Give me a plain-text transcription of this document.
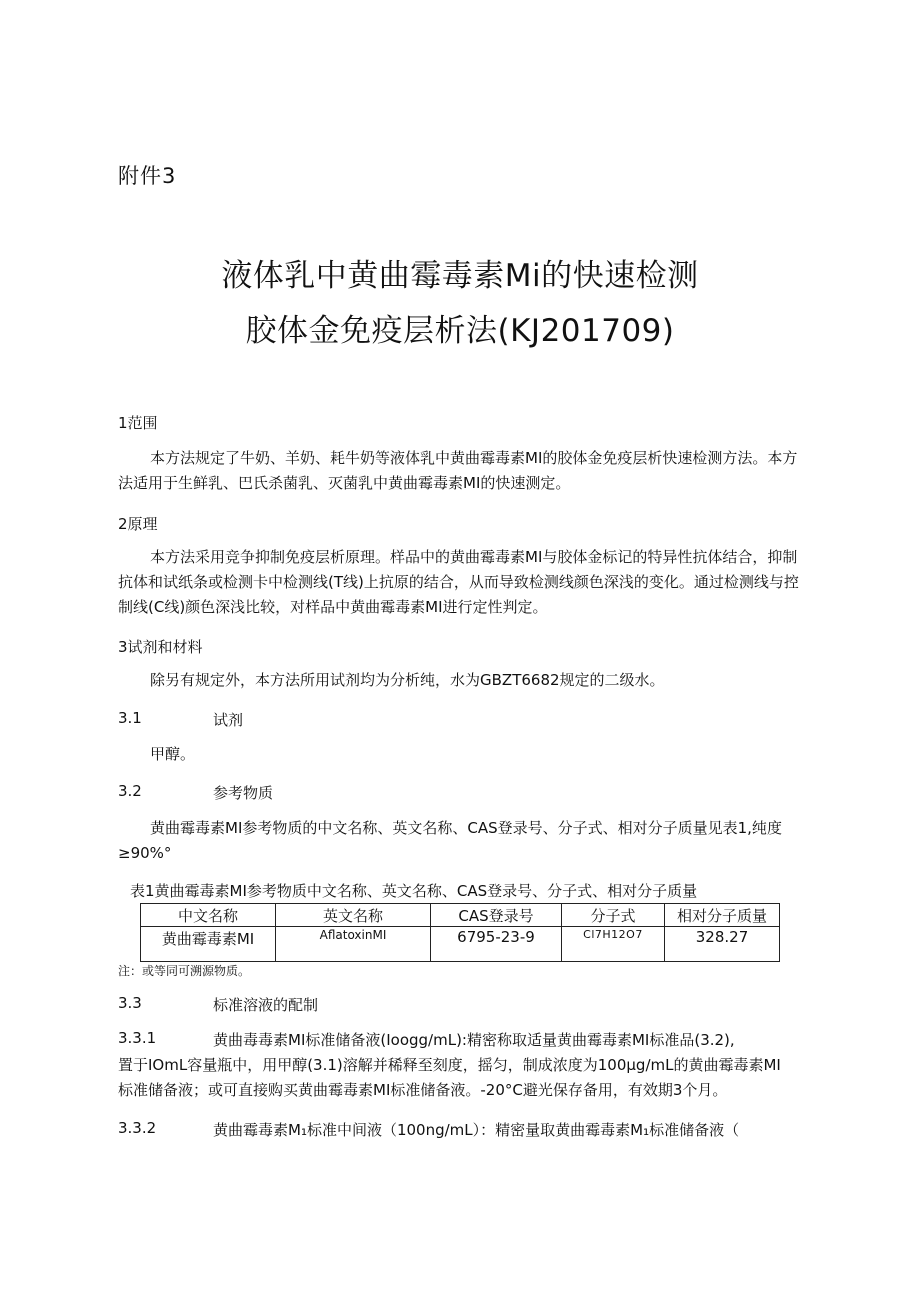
附件3
液体乳中黄曲霉毒素Mi的快速检测
胶体金免疫层析法(KJ201709)
1范围
本方法规定了牛奶、羊奶、耗牛奶等液体乳中黄曲霉毒素MI的胶体金免疫层析快速检测方法。本方法适用于生鲜乳、巴氏杀菌乳、灭菌乳中黄曲霉毒素MI的快速测定。
2原理
本方法采用竞争抑制免疫层析原理。样品中的黄曲霉毒素MI与胶体金标记的特异性抗体结合，抑制抗体和试纸条或检测卡中检测线(T线)上抗原的结合，从而导致检测线颜色深浅的变化。通过检测线与控制线(C线)颜色深浅比较，对样品中黄曲霉毒素MI进行定性判定。
3试剂和材料
除另有规定外，本方法所用试剂均为分析纯，水为GBZT6682规定的二级水。
3.1	试剂
甲醇。
3.2	参考物质
黄曲霉毒素MI参考物质的中文名称、英文名称、CAS登录号、分子式、相对分子质量见表1,纯度≥90%°
表1黄曲霉毒素MI参考物质中文名称、英文名称、CAS登录号、分子式、相对分子质量
中文名称	英文名称	CAS登录号	分子式	相对分子质量
黄曲霉毒素MI	AflatoxinMI	6795-23-9	Cl7H12O7	328.27
注：或等同可溯源物质。
3.3	标准溶液的配制
3.3.1	黄曲毒毒素MI标准储备液(Ioogg∕mL):精密称取适量黄曲霉毒素MI标准品(3.2),
置于IOmL容量瓶中，用甲醇(3.1)溶解并稀释至刻度，摇匀，制成浓度为100μg∕mL的黄曲霉毒素MI
标准储备液；或可直接购买黄曲霉毒素MI标准储备液。-20°C避光保存备用，有效期3个月。
3.3.2	黄曲霉毒素M₁标准中间液（100ng/mL）：精密量取黄曲霉毒素M₁标准储备液（
